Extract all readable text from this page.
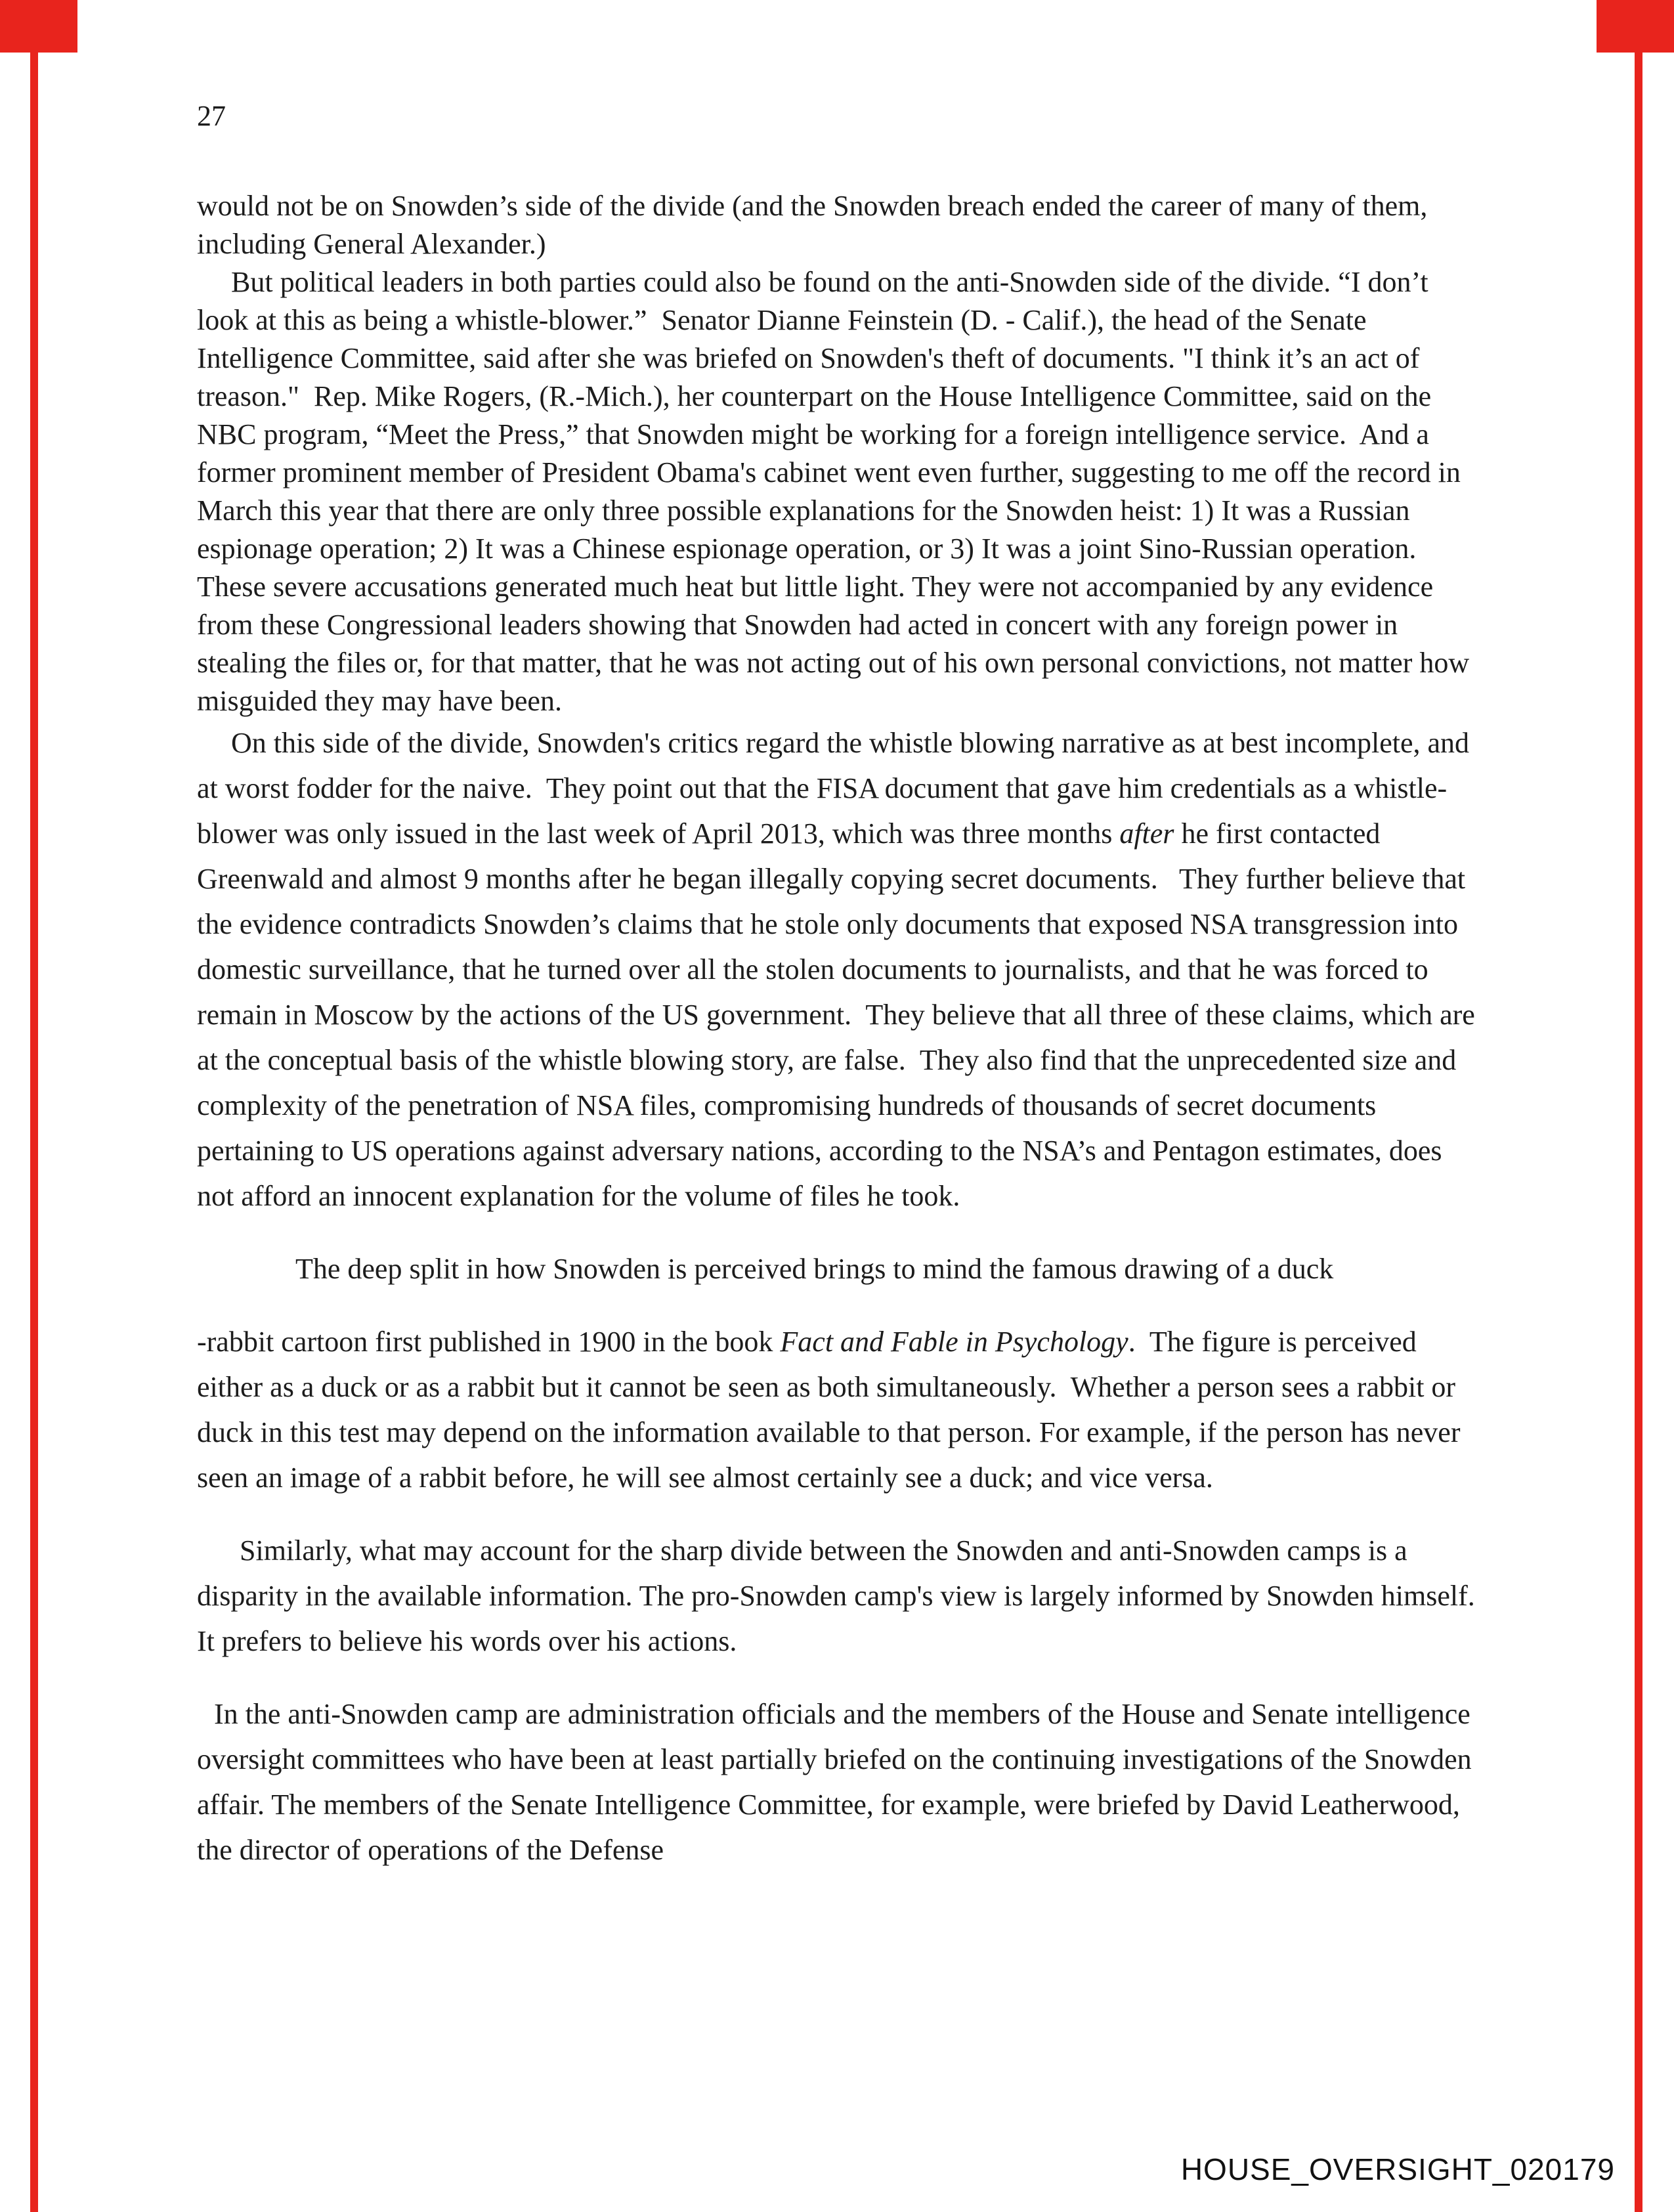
27

would not be on Snowden’s side of the divide (and the Snowden breach ended the career of many of them, including General Alexander.)

But political leaders in both parties could also be found on the anti-Snowden side of the divide. “I don’t look at this as being a whistle-blower.”  Senator Dianne Feinstein (D. - Calif.), the head of the Senate Intelligence Committee, said after she was briefed on Snowden's theft of documents. "I think it’s an act of treason."  Rep. Mike Rogers, (R.-Mich.), her counterpart on the House Intelligence Committee, said on the NBC program, “Meet the Press,” that Snowden might be working for a foreign intelligence service.  And a former prominent member of President Obama's cabinet went even further, suggesting to me off the record in March this year that there are only three possible explanations for the Snowden heist: 1) It was a Russian espionage operation; 2) It was a Chinese espionage operation, or 3) It was a joint Sino-Russian operation.     These severe accusations generated much heat but little light. They were not accompanied by any evidence from these Congressional leaders showing that Snowden had acted in concert with any foreign power in stealing the files or, for that matter, that he was not acting out of his own personal convictions, not matter how misguided they may have been.

On this side of the divide, Snowden's critics regard the whistle blowing narrative as at best incomplete, and at worst fodder for the naive.  They point out that the FISA document that gave him credentials as a whistle-blower was only issued in the last week of April 2013, which was three months after he first contacted Greenwald and almost 9 months after he began illegally copying secret documents.   They further believe that the evidence contradicts Snowden’s claims that he stole only documents that exposed NSA transgression into domestic surveillance, that he turned over all the stolen documents to journalists, and that he was forced to remain in Moscow by the actions of the US government.  They believe that all three of these claims, which are at the conceptual basis of the whistle blowing story, are false.  They also find that the unprecedented size and complexity of the penetration of NSA files, compromising hundreds of thousands of secret documents pertaining to US operations against adversary nations, according to the NSA’s and Pentagon estimates, does not afford an innocent explanation for the volume of files he took.

The deep split in how Snowden is perceived brings to mind the famous drawing of a duck

-rabbit cartoon first published in 1900 in the book Fact and Fable in Psychology.  The figure is perceived either as a duck or as a rabbit but it cannot be seen as both simultaneously.  Whether a person sees a rabbit or duck in this test may depend on the information available to that person. For example, if the person has never seen an image of a rabbit before, he will see almost certainly see a duck; and vice versa.

Similarly, what may account for the sharp divide between the Snowden and anti-Snowden camps is a disparity in the available information. The pro-Snowden camp's view is largely informed by Snowden himself.  It prefers to believe his words over his actions.

In the anti-Snowden camp are administration officials and the members of the House and Senate intelligence oversight committees who have been at least partially briefed on the continuing investigations of the Snowden affair. The members of the Senate Intelligence Committee, for example, were briefed by David Leatherwood, the director of operations of the Defense

HOUSE_OVERSIGHT_020179
